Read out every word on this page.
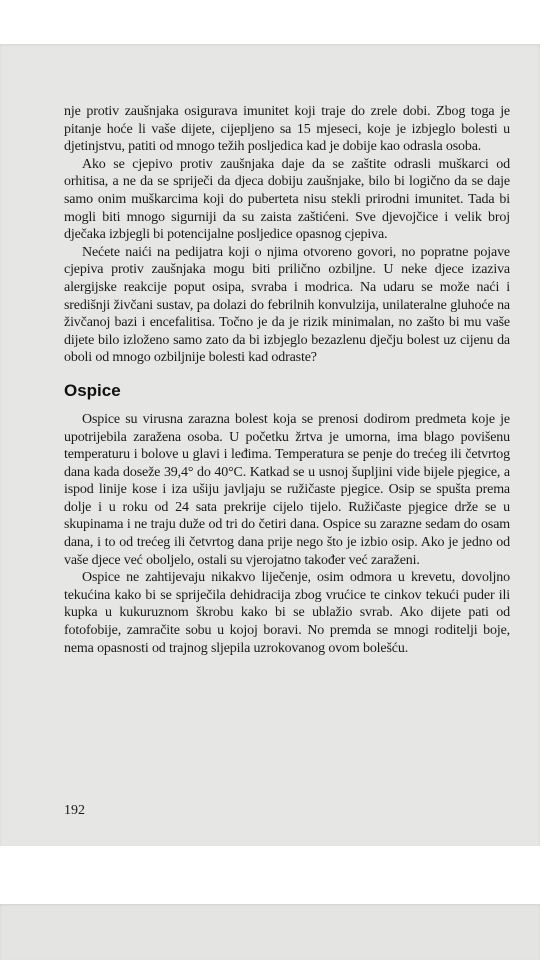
nje protiv zaušnjaka osigurava imunitet koji traje do zrele dobi. Zbog toga je pitanje hoće li vaše dijete, cijepljeno sa 15 mjeseci, koje je izbjeglo bolesti u djetinjstvu, patiti od mnogo težih posljedica kad je dobije kao odrasla osoba.

Ako se cjepivo protiv zaušnjaka daje da se zaštite odrasli muškarci od orhitisa, a ne da se spriječi da djeca dobiju zaušnjake, bilo bi logično da se daje samo onim muškarcima koji do puberteta nisu stekli prirodni imunitet. Tada bi mogli biti mnogo sigurniji da su zaista zaštićeni. Sve djevojčice i velik broj dječaka izbjegli bi potencijalne posljedice opasnog cjepiva.

Nećete naići na pedijatra koji o njima otvoreno govori, no popratne pojave cjepiva protiv zaušnjaka mogu biti prilično ozbiljne. U neke djece izaziva alergijske reakcije poput osipa, svraba i modrica. Na udaru se može naći i središnji živčani sustav, pa dolazi do febrilnih konvulzija, unilateralne gluhoće na živčanoj bazi i encefalitisa. Točno je da je rizik minimalan, no zašto bi mu vaše dijete bilo izloženo samo zato da bi izbjeglo bezazlenu dječju bolest uz cijenu da oboli od mnogo ozbiljnije bolesti kad odraste?

Ospice

Ospice su virusna zarazna bolest koja se prenosi dodirom predmeta koje je upotrijebila zaražena osoba. U početku žrtva je umorna, ima blago povišenu temperaturu i bolove u glavi i leđima. Temperatura se penje do trećeg ili četvrtog dana kada doseže 39,4° do 40°C. Katkad se u usnoj šupljini vide bijele pjegice, a ispod linije kose i iza ušiju javljaju se ružičaste pjegice. Osip se spušta prema dolje i u roku od 24 sata prekrije cijelo tijelo. Ružičaste pjegice drže se u skupinama i ne traju duže od tri do četiri dana. Ospice su zarazne sedam do osam dana, i to od trećeg ili četvrtog dana prije nego što je izbio osip. Ako je jedno od vaše djece već oboljelo, ostali su vjerojatno također već zaraženi.

Ospice ne zahtijevaju nikakvo liječenje, osim odmora u krevetu, dovoljno tekućina kako bi se spriječila dehidracija zbog vrućice te cinkov tekući puder ili kupka u kukuruznom škrobu kako bi se ublažio svrab. Ako dijete pati od fotofobije, zamračite sobu u kojoj boravi. No premda se mnogi roditelji boje, nema opasnosti od trajnog sljepila uzrokovanog ovom bolešću.

192
